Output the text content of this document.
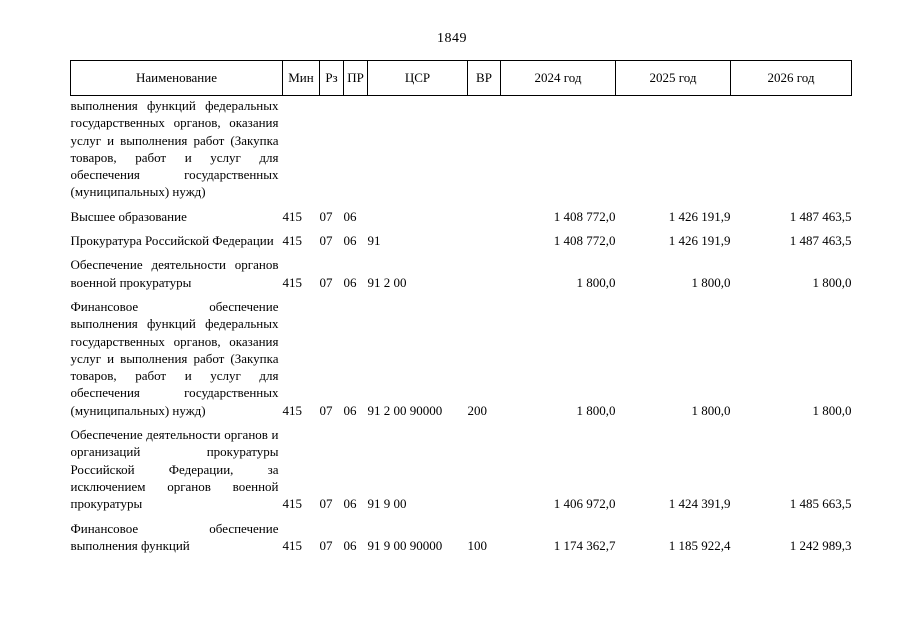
1849
Наименование	Мин	Рз	ПР	ЦСР	ВР	2024 год	2025 год	2026 год
выполнения функций федеральных государственных органов, оказания услуг и выполнения работ (Закупка товаров, работ и услуг для обеспечения государственных (муниципальных) нужд)								
Высшее образование	415	07	06			1 408 772,0	1 426 191,9	1 487 463,5
Прокуратура Российской Федерации	415	07	06	91		1 408 772,0	1 426 191,9	1 487 463,5
Обеспечение деятельности органов военной прокуратуры	415	07	06	91 2 00		1 800,0	1 800,0	1 800,0
Финансовое обеспечение выполнения функций федеральных государственных органов, оказания услуг и выполнения работ (Закупка товаров, работ и услуг для обеспечения государственных (муниципальных) нужд)	415	07	06	91 2 00 90000	200	1 800,0	1 800,0	1 800,0
Обеспечение деятельности органов и организаций прокуратуры Российской Федерации, за исключением органов военной прокуратуры	415	07	06	91 9 00		1 406 972,0	1 424 391,9	1 485 663,5
Финансовое обеспечение выполнения функций	415	07	06	91 9 00 90000	100	1 174 362,7	1 185 922,4	1 242 989,3
